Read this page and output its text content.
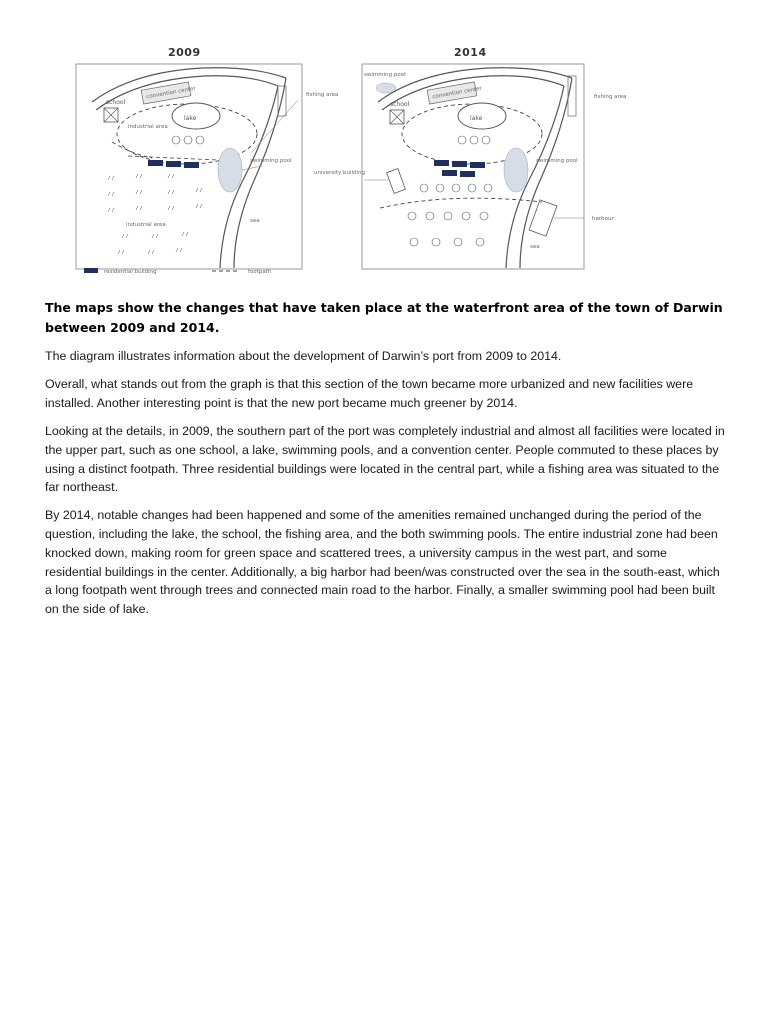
2009
fishing area
school
convention center
lake
industrial area
swimming pool
industrial area
sea
2014
fishing area
swimming pool
school
convention center
lake
swimming pool
university building
harbour
sea
residential building	footpath

The maps show the changes that have taken place at the waterfront area of the town of Darwin between 2009 and 2014.

The diagram illustrates information about the development of Darwin’s port from 2009 to 2014.

Overall, what stands out from the graph is that this section of the town became more urbanized and new facilities were installed. Another interesting point is that the new port became much greener by 2014.

Looking at the details, in 2009, the southern part of the port was completely industrial and almost all facilities were located in the upper part, such as one school, a lake, swimming pools, and a convention center. People commuted to these places by using a distinct footpath. Three residential buildings were located in the central part, while a fishing area was situated to the far northeast.

By 2014, notable changes had been happened and some of the amenities remained unchanged during the period of the question, including the lake, the school, the fishing area, and the both swimming pools. The entire industrial zone had been knocked down, making room for green space and scattered trees, a university campus in the west part, and some residential buildings in the center. Additionally, a big harbor had been/was constructed over the sea in the south-east, which a long footpath went through trees and connected main road to the harbor. Finally, a smaller swimming pool had been built on the side of lake.
